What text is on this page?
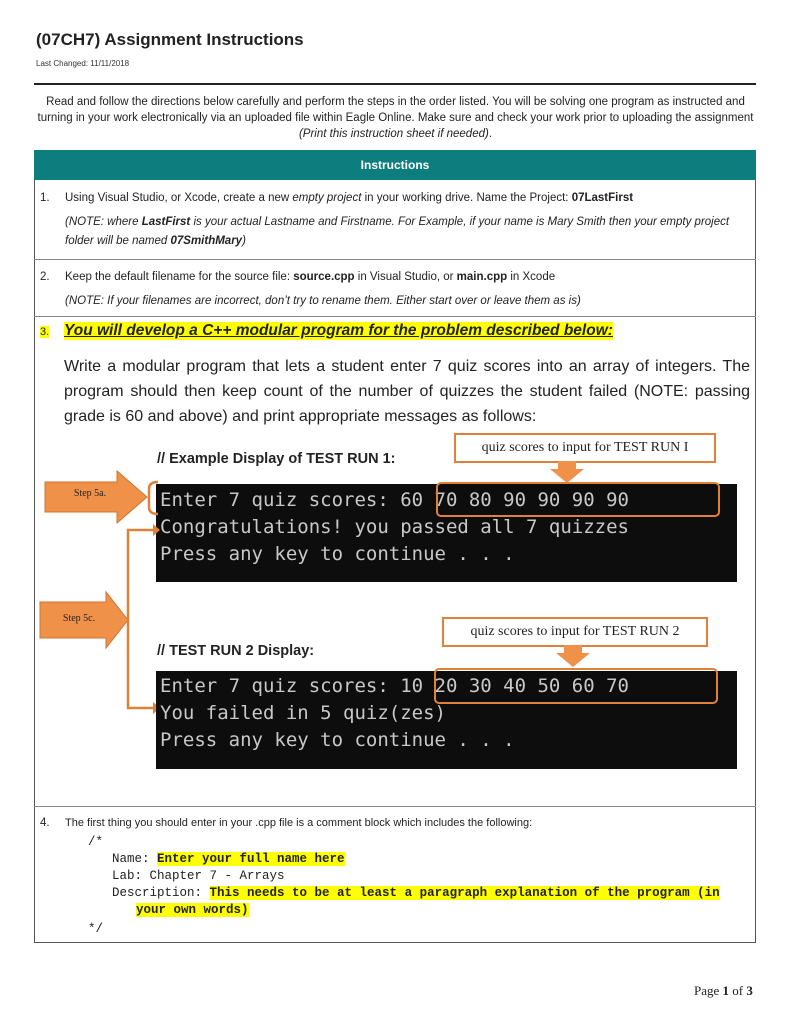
(07CH7) Assignment Instructions
Last Changed: 11/11/2018
Read and follow the directions below carefully and perform the steps in the order listed. You will be solving one program as instructed and turning in your work electronically via an uploaded file within Eagle Online. Make sure and check your work prior to uploading the assignment (Print this instruction sheet if needed).
Instructions
1. Using Visual Studio, or Xcode, create a new empty project in your working drive. Name the Project: 07LastFirst
(NOTE: where LastFirst is your actual Lastname and Firstname. For Example, if your name is Mary Smith then your empty project folder will be named 07SmithMary)
2. Keep the default filename for the source file: source.cpp in Visual Studio, or main.cpp in Xcode
(NOTE: If your filenames are incorrect, don’t try to rename them. Either start over or leave them as is)
3. You will develop a C++ modular program for the problem described below:
Write a modular program that lets a student enter 7 quiz scores into an array of integers. The program should then keep count of the number of quizzes the student failed (NOTE: passing grade is 60 and above) and print appropriate messages as follows:
// Example Display of TEST RUN 1:
quiz scores to input for TEST RUN I
Enter 7 quiz scores: 60 70 80 90 90 90 90
Congratulations! you passed all 7 quizzes
Press any key to continue . . .
Step 5a.
Step 5c.
// TEST RUN 2 Display:
quiz scores to input for TEST RUN 2
Enter 7 quiz scores: 10 20 30 40 50 60 70
You failed in 5 quiz(zes)
Press any key to continue . . .
4. The first thing you should enter in your .cpp file is a comment block which includes the following:
/*
Name: Enter your full name here
Lab: Chapter 7 - Arrays
Description: This needs to be at least a paragraph explanation of the program (in
your own words)
*/
Page 1 of 3
